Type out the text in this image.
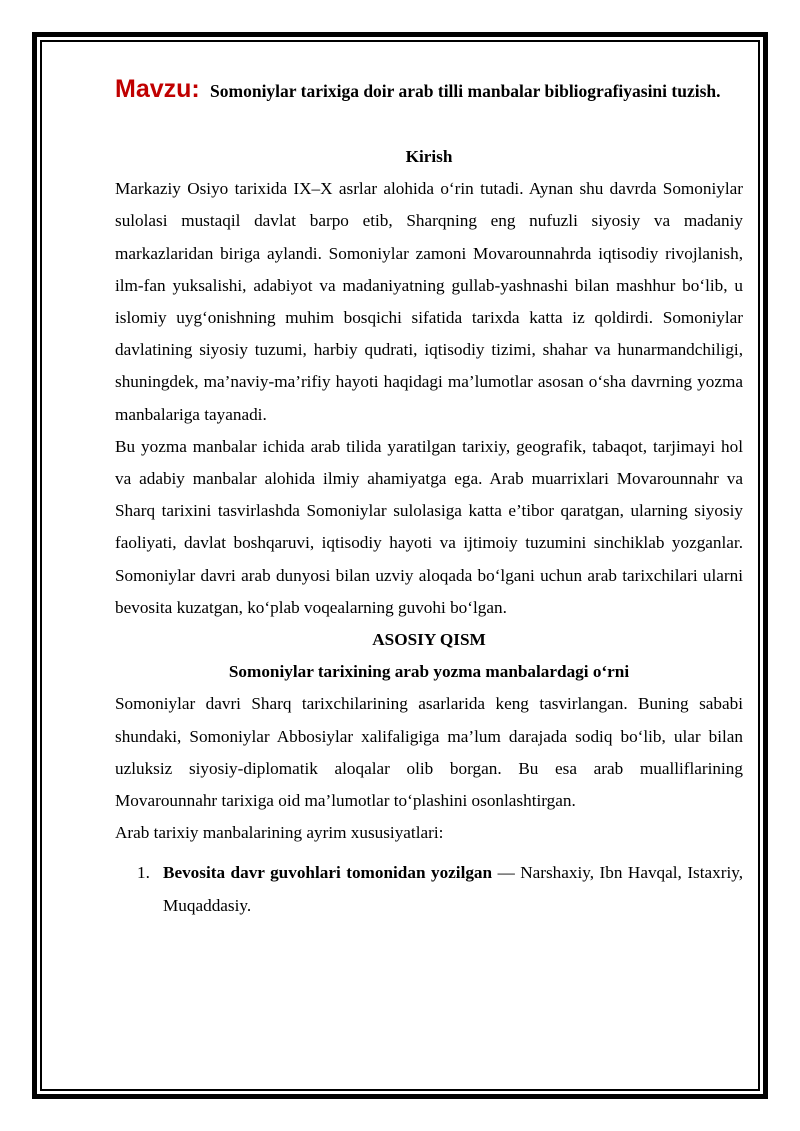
Mavzu: Somoniylar tarixiga doir arab tilli manbalar bibliografiyasini tuzish.

Kirish

Markaziy Osiyo tarixida IX–X asrlar alohida o‘rin tutadi. Aynan shu davrda Somoniylar sulolasi mustaqil davlat barpo etib, Sharqning eng nufuzli siyosiy va madaniy markazlaridan biriga aylandi. Somoniylar zamoni Movarounnahrda iqtisodiy rivojlanish, ilm-fan yuksalishi, adabiyot va madaniyatning gullab-yashnashi bilan mashhur bo‘lib, u islomiy uyg‘onishning muhim bosqichi sifatida tarixda katta iz qoldirdi. Somoniylar davlatining siyosiy tuzumi, harbiy qudrati, iqtisodiy tizimi, shahar va hunarmandchiligi, shuningdek, ma’naviy-ma’rifiy hayoti haqidagi ma’lumotlar asosan o‘sha davrning yozma manbalariga tayanadi.

Bu yozma manbalar ichida arab tilida yaratilgan tarixiy, geografik, tabaqot, tarjimayi hol va adabiy manbalar alohida ilmiy ahamiyatga ega. Arab muarrixlari Movarounnahr va Sharq tarixini tasvirlashda Somoniylar sulolasiga katta e’tibor qaratgan, ularning siyosiy faoliyati, davlat boshqaruvi, iqtisodiy hayoti va ijtimoiy tuzumini sinchiklab yozganlar. Somoniylar davri arab dunyosi bilan uzviy aloqada bo‘lgani uchun arab tarixchilari ularni bevosita kuzatgan, ko‘plab voqealarning guvohi bo‘lgan.

ASOSIY QISM

Somoniylar tarixining arab yozma manbalardagi o‘rni

Somoniylar davri Sharq tarixchilarining asarlarida keng tasvirlangan. Buning sababi shundaki, Somoniylar Abbosiylar xalifaligiga ma’lum darajada sodiq bo‘lib, ular bilan uzluksiz siyosiy-diplomatik aloqalar olib borgan. Bu esa arab mualliflarining Movarounnahr tarixiga oid ma’lumotlar to‘plashini osonlashtirgan.

Arab tarixiy manbalarining ayrim xususiyatlari:

1. Bevosita davr guvohlari tomonidan yozilgan — Narshaxiy, Ibn Havqal, Istaxriy, Muqaddasiy.
